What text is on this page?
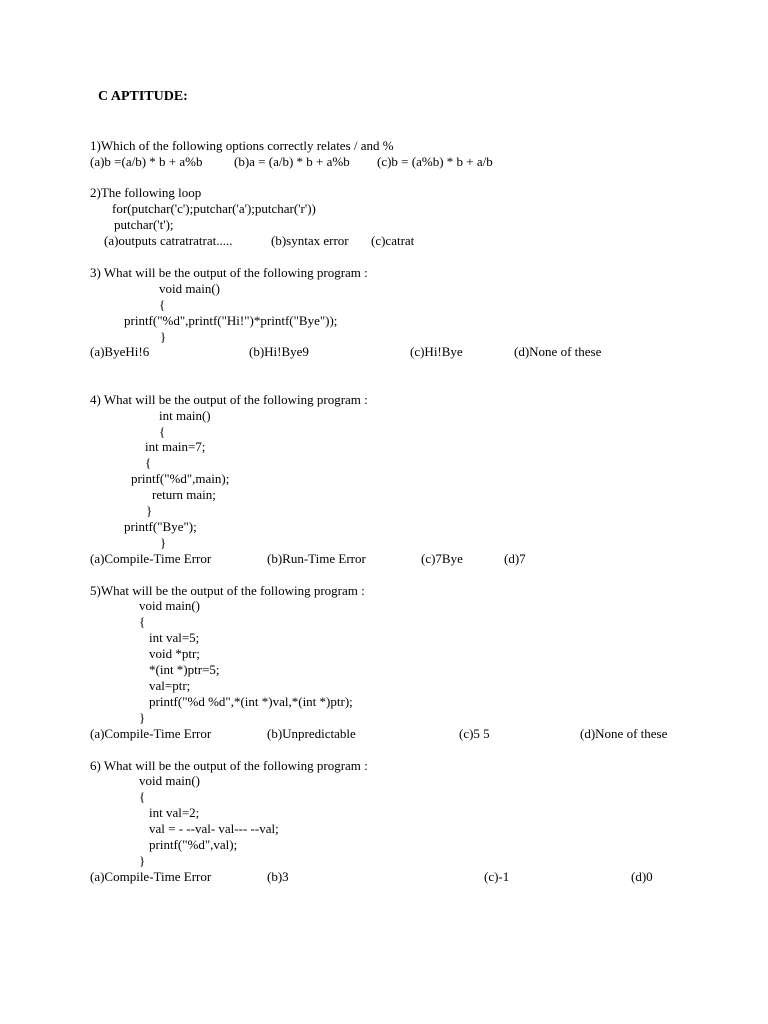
C APTITUDE:
1)Which of the following options correctly relates / and %
(a)b =(a/b) * b + a%b (b)a = (a/b) * b + a%b (c)b = (a%b) * b + a/b
2)The following loop
for(putchar('c');putchar('a');putchar('r'))
putchar('t');
(a)outputs catratratrat.....	(b)syntax error (c)catrat
3) What will be the output of the following program :
void main()
{
printf("%d",printf("Hi!")*printf("Bye"));
}
(a)ByeHi!6	(b)Hi!Bye9	(c)Hi!Bye	(d)None of these
4) What will be the output of the following program :
int main()
{
int main=7;
{
printf("%d",main);
return main;
}
printf("Bye");
}
(a)Compile-Time Error	(b)Run-Time Error	(c)7Bye	(d)7
5)What will be the output of the following program :
void main()
{
int val=5;
void *ptr;
*(int *)ptr=5;
val=ptr;
printf("%d %d",*(int *)val,*(int *)ptr);
}
(a)Compile-Time Error	(b)Unpredictable	(c)5 5	(d)None of these
6) What will be the output of the following program :
void main()
{
int val=2;
val = - --val- val--- --val;
printf("%d",val);
}
(a)Compile-Time Error	(b)3	(c)-1	(d)0
